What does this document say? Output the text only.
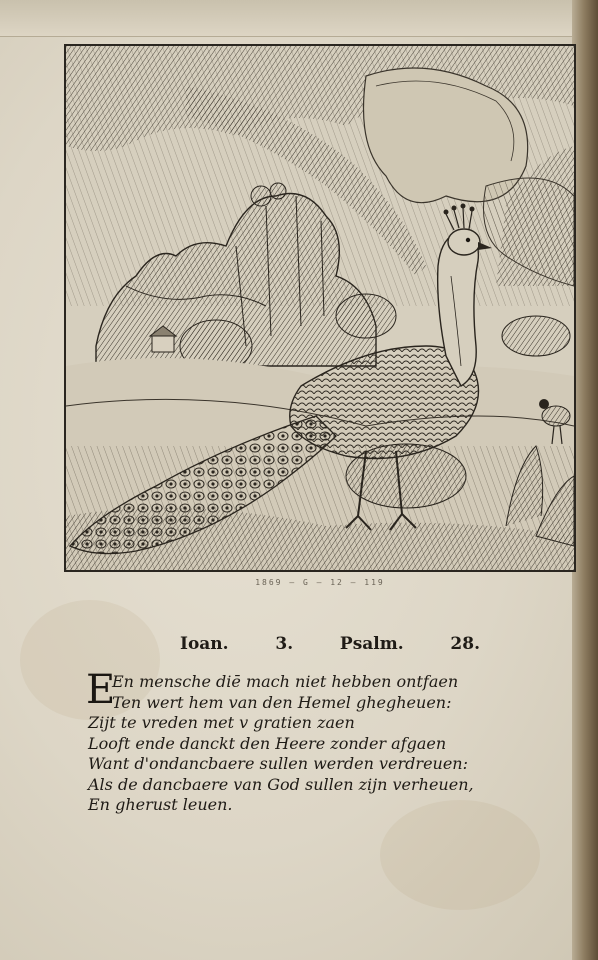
1869 — G — 12 — 119
Ioan.	3.	Psalm.	28.
E
En mensche diē mach niet hebben ontfaen
Ten wert hem van den Hemel ghegheuen:
Zijt te vreden met v gratien zaen
Looft ende danckt den Heere zonder afgaen
Want d'ondancbaere sullen werden verdreuen:
Als de dancbaere van God sullen zijn verheuen,
En gherust leuen.
